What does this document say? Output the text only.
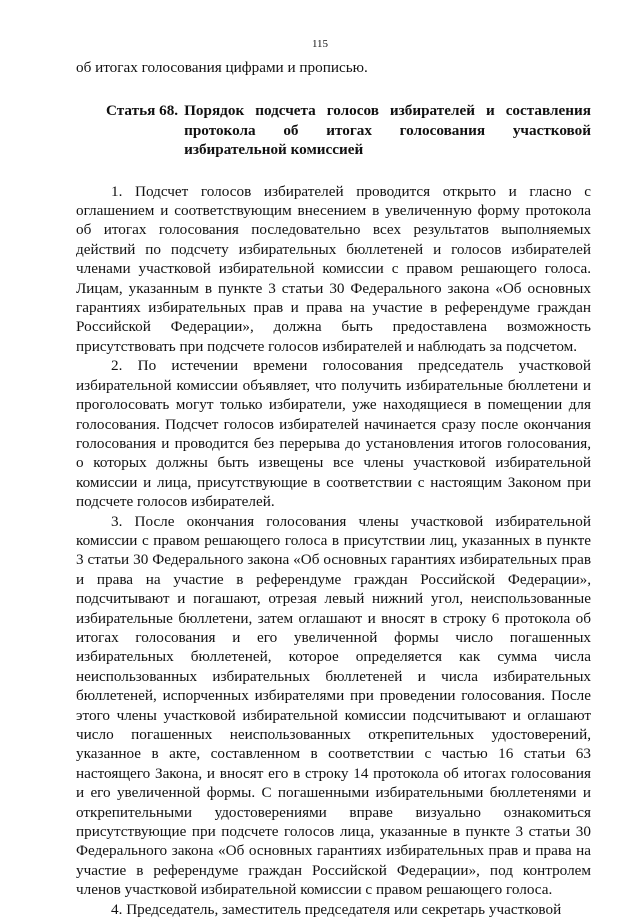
115

об итогах голосования цифрами и прописью.

Статья 68. Порядок подсчета голосов избирателей и составления протокола об итогах голосования участковой избирательной комиссией

1. Подсчет голосов избирателей проводится открыто и гласно с оглашением и соответствующим внесением в увеличенную форму протокола об итогах голосования последовательно всех результатов выполняемых действий по подсчету избирательных бюллетеней и голосов избирателей членами участковой избирательной комиссии с правом решающего голоса. Лицам, указанным в пункте 3 статьи 30 Федерального закона «Об основных гарантиях избирательных прав и права на участие в референдуме граждан Российской Федерации», должна быть предоставлена возможность присутствовать при подсчете голосов избирателей и наблюдать за подсчетом.

2. По истечении времени голосования председатель участковой избирательной комиссии объявляет, что получить избирательные бюллетени и проголосовать могут только избиратели, уже находящиеся в помещении для голосования. Подсчет голосов избирателей начинается сразу после окончания голосования и проводится без перерыва до установления итогов голосования, о которых должны быть извещены все члены участковой избирательной комиссии и лица, присутствующие в соответствии с настоящим Законом при подсчете голосов избирателей.

3. После окончания голосования члены участковой избирательной комиссии с правом решающего голоса в присутствии лиц, указанных в пункте 3 статьи 30 Федерального закона «Об основных гарантиях избирательных прав и права на участие в референдуме граждан Российской Федерации», подсчитывают и погашают, отрезая левый нижний угол, неиспользованные избирательные бюллетени, затем оглашают и вносят в строку 6 протокола об итогах голосования и его увеличенной формы число погашенных избирательных бюллетеней, которое определяется как сумма числа неиспользованных избирательных бюллетеней и числа избирательных бюллетеней, испорченных избирателями при проведении голосования. После этого члены участковой избирательной комиссии подсчитывают и оглашают число погашенных неиспользованных открепительных удостоверений, указанное в акте, составленном в соответствии с частью 16 статьи 63 настоящего Закона, и вносят его в строку 14 протокола об итогах голосования и его увеличенной формы. С погашенными избирательными бюллетенями и открепительными удостоверениями вправе визуально ознакомиться присутствующие при подсчете голосов лица, указанные в пункте 3 статьи 30 Федерального закона «Об основных гарантиях избирательных прав и права на участие в референдуме граждан Российской Федерации», под контролем членов участковой избирательной комиссии с правом решающего голоса.

4. Председатель, заместитель председателя или секретарь участковой
